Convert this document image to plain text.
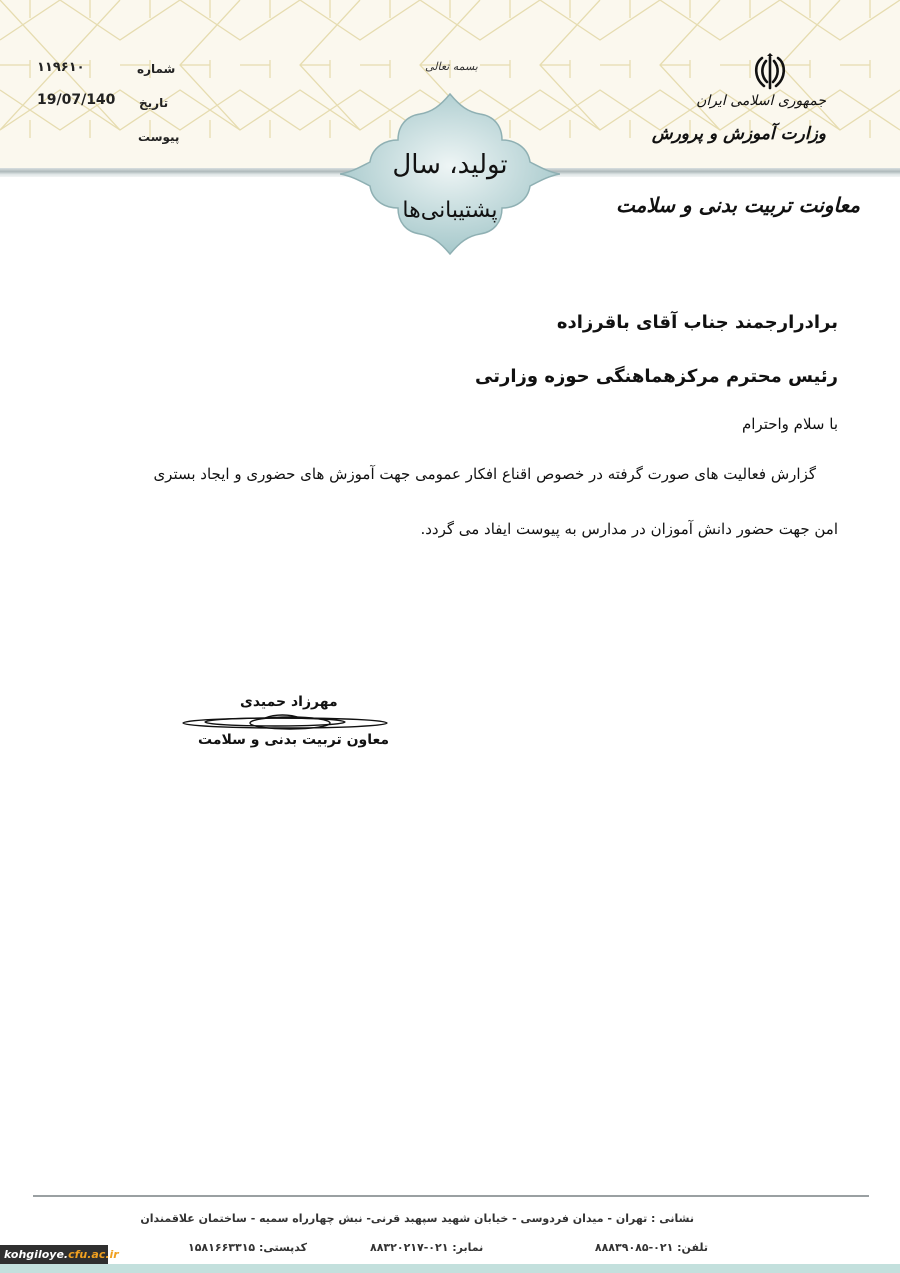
بسمه تعالی
تولید، سال
پشتیبانی‌ها
شماره
۱۱۹۶۱۰
تاریخ
19/07/140
پیوست
جمهوری اسلامی ایران
وزارت آموزش و پرورش
معاونت تربیت بدنی و سلامت
برادرارجمند جناب آقای باقرزاده
رئیس محترم مرکزهماهنگی حوزه وزارتی
با سلام واحترام
گزارش فعالیت های صورت گرفته در خصوص اقناع افکار عمومی جهت آموزش های حضوری و ایجاد بستری
امن جهت حضور دانش آموزان در مدارس به پیوست ایفاد می گردد.
مهرزاد حمیدی
معاون تربیت بدنی و سلامت
نشانی : تهران - میدان فردوسی - خیابان شهید سپهبد قرنی- نبش چهارراه سمیه - ساختمان علاقمندان
تلفن: ۰۲۱-۸۸۸۳۹۰۸۵
نمابر: ۰۲۱-۸۸۳۲۰۲۱۷
کدپستی: ۱۵۸۱۶۶۳۳۱۵
kohgiloye.cfu.ac.ir
